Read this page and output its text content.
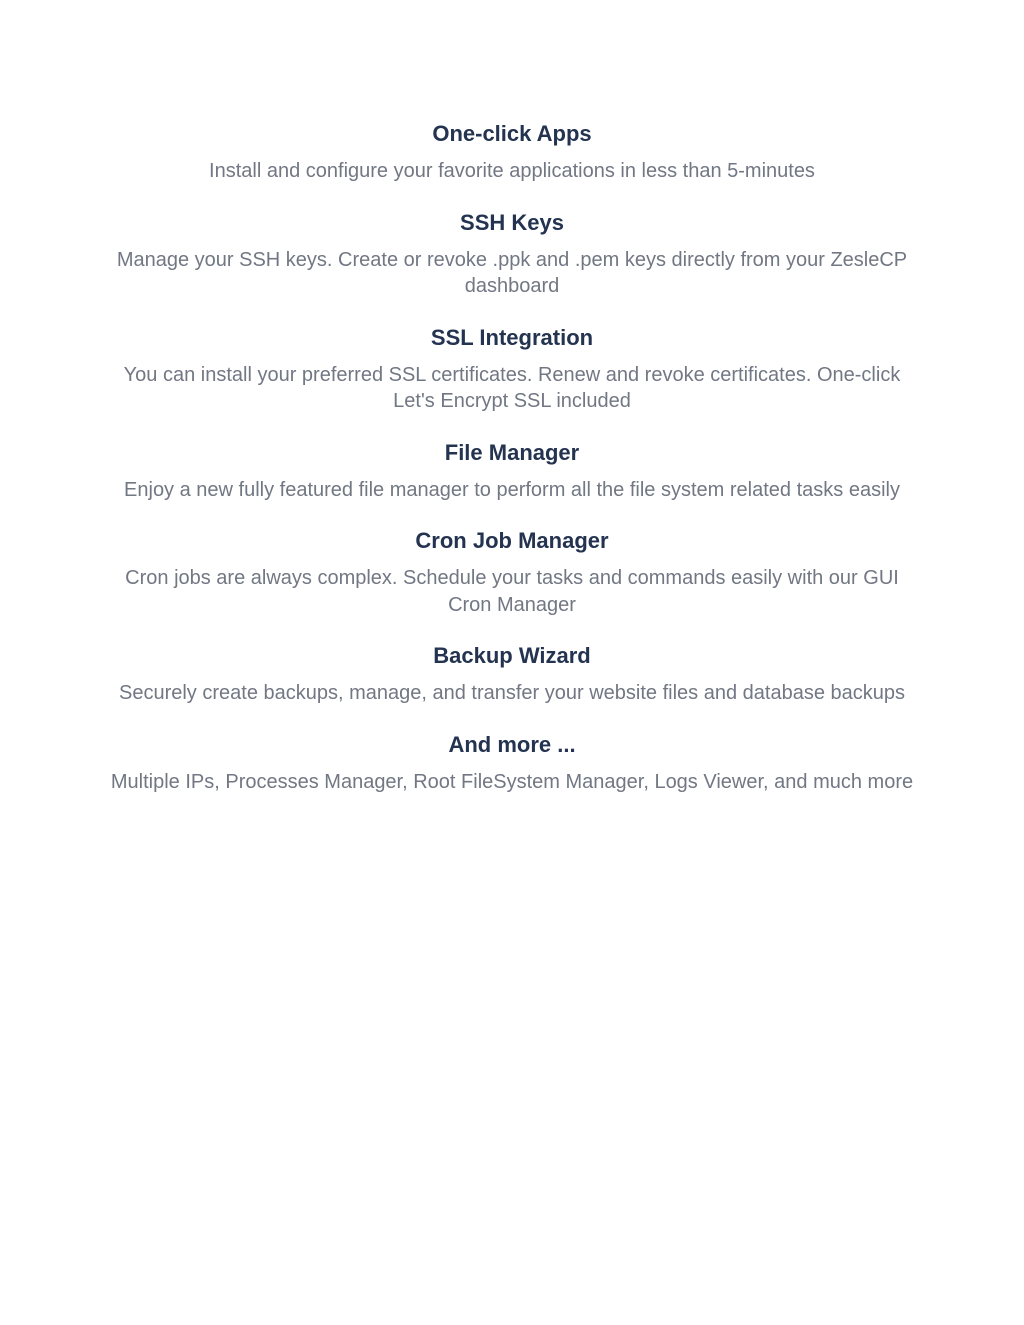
One-click Apps

Install and configure your favorite applications in less than 5-minutes

SSH Keys

Manage your SSH keys. Create or revoke .ppk and .pem keys directly from your ZesleCP dashboard

SSL Integration

You can install your preferred SSL certificates. Renew and revoke certificates. One-click Let's Encrypt SSL included

File Manager

Enjoy a new fully featured file manager to perform all the file system related tasks easily

Cron Job Manager

Cron jobs are always complex. Schedule your tasks and commands easily with our GUI Cron Manager

Backup Wizard

Securely create backups, manage, and transfer your website files and database backups

And more ...

Multiple IPs, Processes Manager, Root FileSystem Manager, Logs Viewer, and much more
